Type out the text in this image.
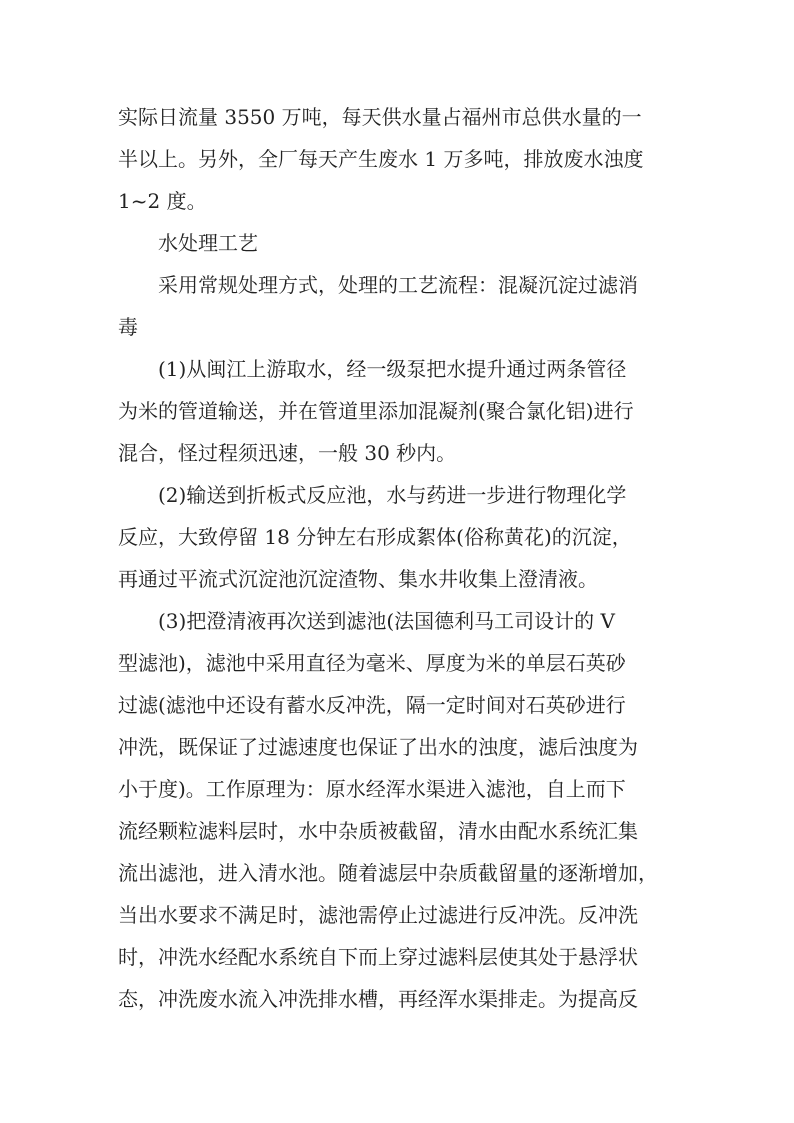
实际日流量 3550 万吨，每天供水量占福州市总供水量的一
半以上。另外，全厂每天产生废水 1 万多吨，排放废水浊度
1~2 度。
水处理工艺
采用常规处理方式，处理的工艺流程：混凝沉淀过滤消
毒
(1)从闽江上游取水，经一级泵把水提升通过两条管径
为米的管道输送，并在管道里添加混凝剂(聚合氯化铝)进行
混合，怪过程须迅速，一般 30 秒内。
(2)输送到折板式反应池，水与药进一步进行物理化学
反应，大致停留 18 分钟左右形成絮体(俗称黄花)的沉淀，
再通过平流式沉淀池沉淀渣物、集水井收集上澄清液。
(3)把澄清液再次送到滤池(法国德利马工司设计的 V
型滤池)，滤池中采用直径为毫米、厚度为米的单层石英砂
过滤(滤池中还设有蓄水反冲洗，隔一定时间对石英砂进行
冲洗，既保证了过滤速度也保证了出水的浊度，滤后浊度为
小于度)。工作原理为：原水经浑水渠进入滤池，自上而下
流经颗粒滤料层时，水中杂质被截留，清水由配水系统汇集
流出滤池，进入清水池。随着滤层中杂质截留量的逐渐增加，
当出水要求不满足时，滤池需停止过滤进行反冲洗。反冲洗
时，冲洗水经配水系统自下而上穿过滤料层使其处于悬浮状
态，冲洗废水流入冲洗排水槽，再经浑水渠排走。为提高反
